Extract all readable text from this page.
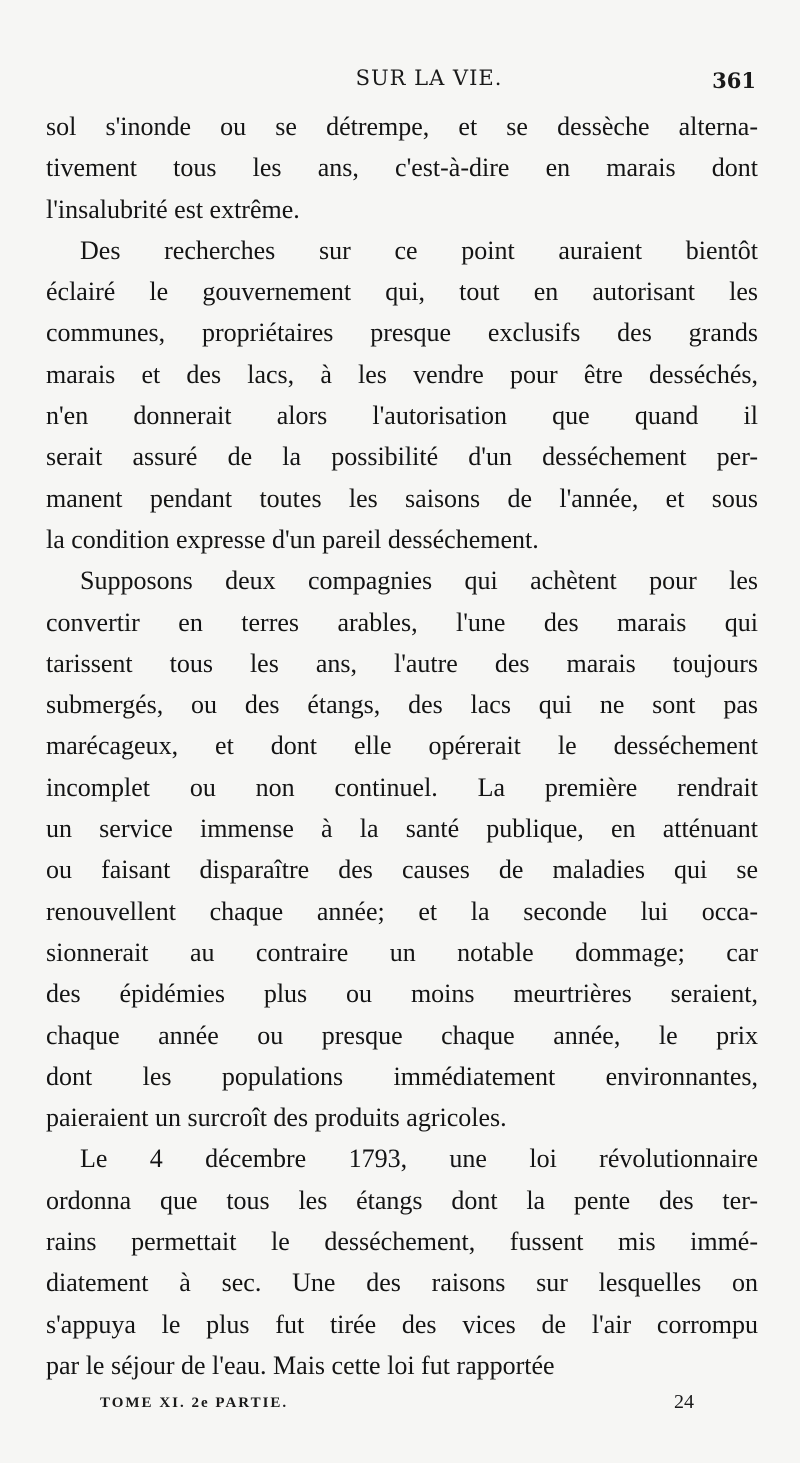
SUR LA VIE.	361
sol s'inonde ou se détrempe, et se dessèche alterna-
tivement tous les ans, c'est-à-dire en marais dont
l'insalubrité est extrême.
Des recherches sur ce point auraient bientôt
éclairé le gouvernement qui, tout en autorisant les
communes, propriétaires presque exclusifs des grands
marais et des lacs, à les vendre pour être desséchés,
n'en donnerait alors l'autorisation que quand il
serait assuré de la possibilité d'un desséchement per-
manent pendant toutes les saisons de l'année, et sous
la condition expresse d'un pareil desséchement.
Supposons deux compagnies qui achètent pour les
convertir en terres arables, l'une des marais qui
tarissent tous les ans, l'autre des marais toujours
submergés, ou des étangs, des lacs qui ne sont pas
marécageux, et dont elle opérerait le desséchement
incomplet ou non continuel. La première rendrait
un service immense à la santé publique, en atténuant
ou faisant disparaître des causes de maladies qui se
renouvellent chaque année; et la seconde lui occa-
sionnerait au contraire un notable dommage; car
des épidémies plus ou moins meurtrières seraient,
chaque année ou presque chaque année, le prix
dont les populations immédiatement environnantes,
paieraient un surcroît des produits agricoles.
Le 4 décembre 1793, une loi révolutionnaire
ordonna que tous les étangs dont la pente des ter-
rains permettait le desséchement, fussent mis immé-
diatement à sec. Une des raisons sur lesquelles on
s'appuya le plus fut tirée des vices de l'air corrompu
par le séjour de l'eau. Mais cette loi fut rapportée
TOME XI. 2e PARTIE.	24
